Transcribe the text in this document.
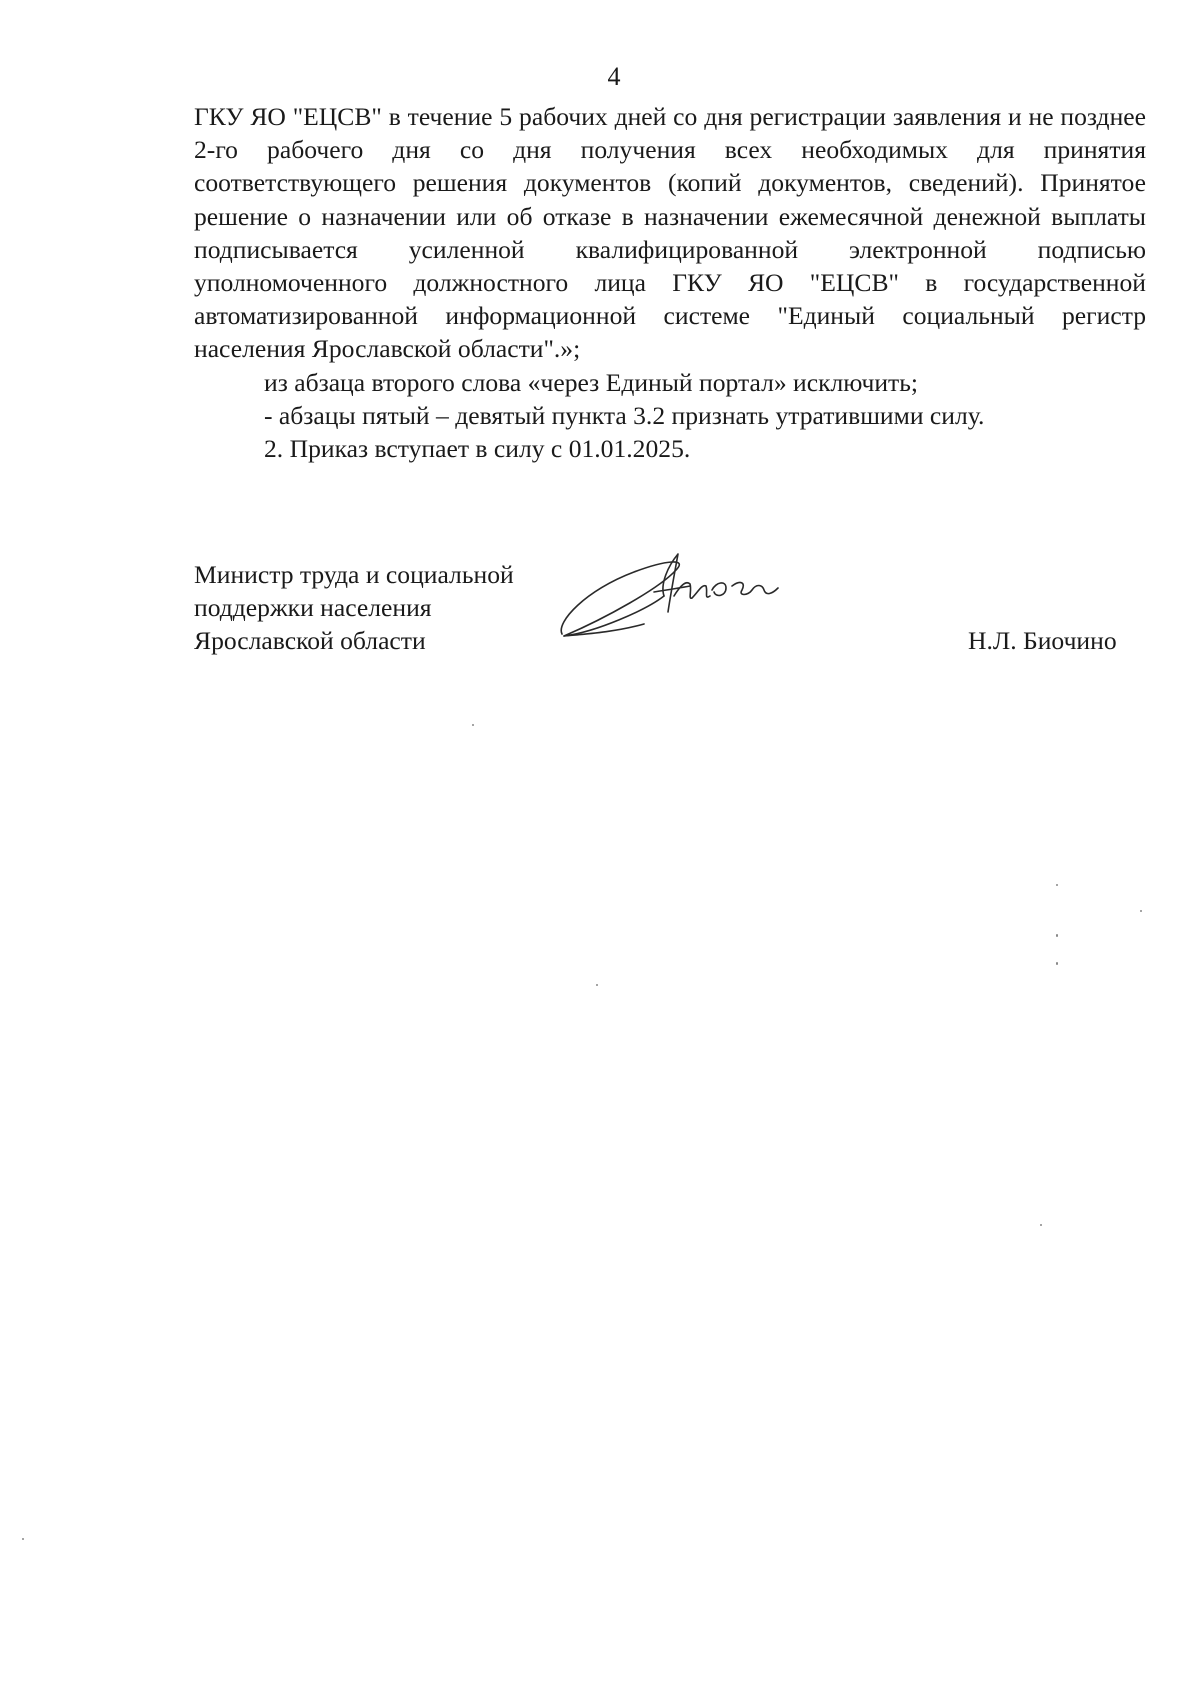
4

ГКУ ЯО "ЕЦСВ" в течение 5 рабочих дней со дня регистрации заявления и не позднее 2-го рабочего дня со дня получения всех необходимых для принятия соответствующего решения документов (копий документов, сведений). Принятое решение о назначении или об отказе в назначении ежемесячной денежной выплаты подписывается усиленной квалифицированной электронной подписью уполномоченного должностного лица ГКУ ЯО "ЕЦСВ" в государственной автоматизированной информационной системе "Единый социальный регистр населения Ярославской области".»;

из абзаца второго слова «через Единый портал» исключить;

- абзацы пятый – девятый пункта 3.2 признать утратившими силу.

2. Приказ вступает в силу с 01.01.2025.

Министр труда и социальной
поддержки населения
Ярославской области	Н.Л. Биочино
